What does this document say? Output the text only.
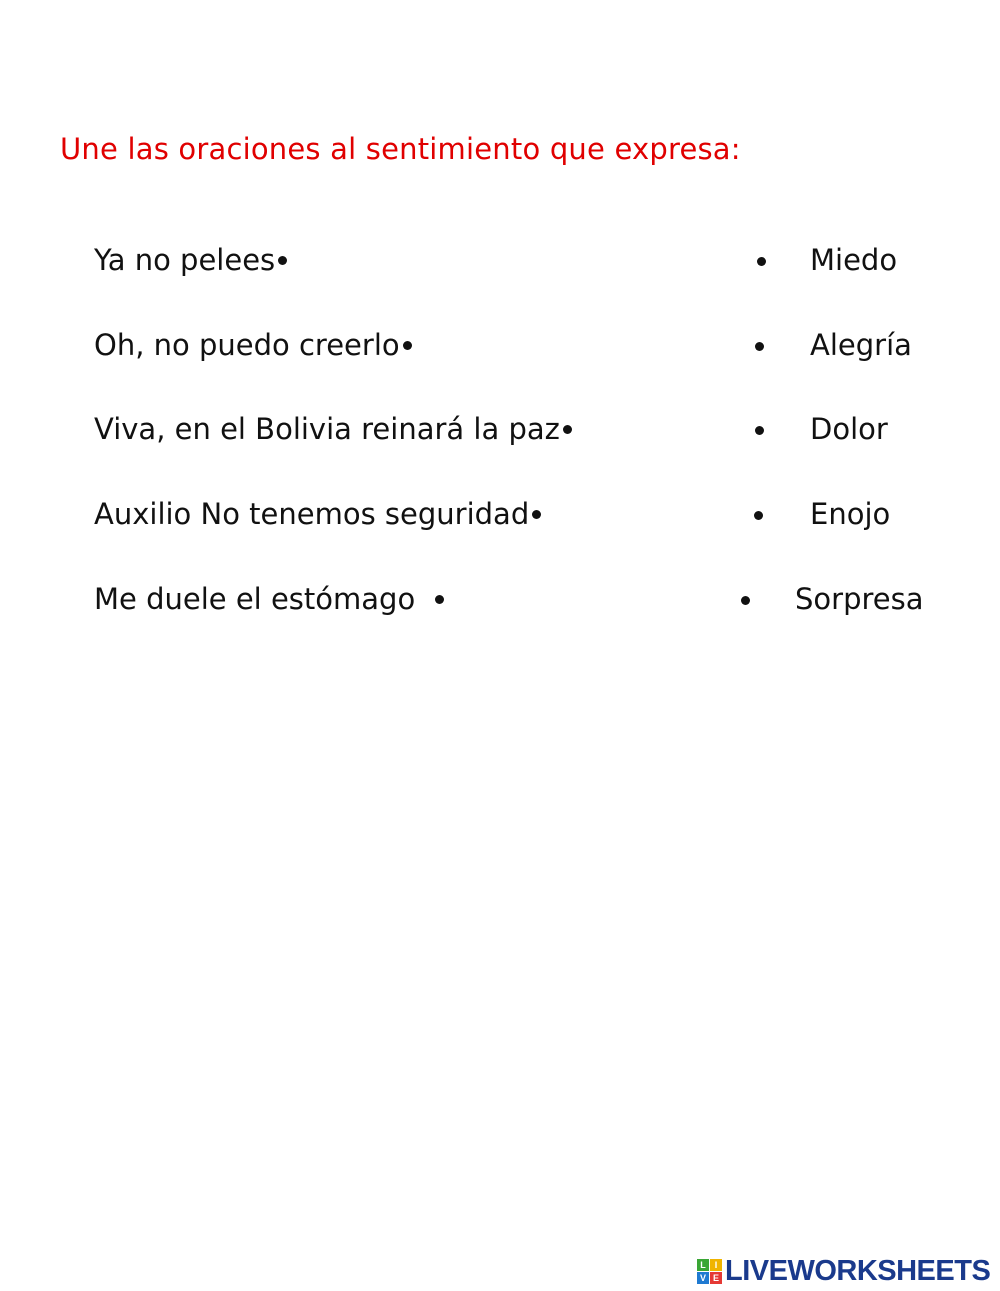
Une las oraciones al sentimiento que expresa:
Ya no pelees	Miedo
Oh, no puedo creerlo	Alegría
Viva, en el Bolivia reinará la paz	Dolor
Auxilio No tenemos seguridad	Enojo
Me duele el estómago	Sorpresa
L I
V E LIVEWORKSHEETS
